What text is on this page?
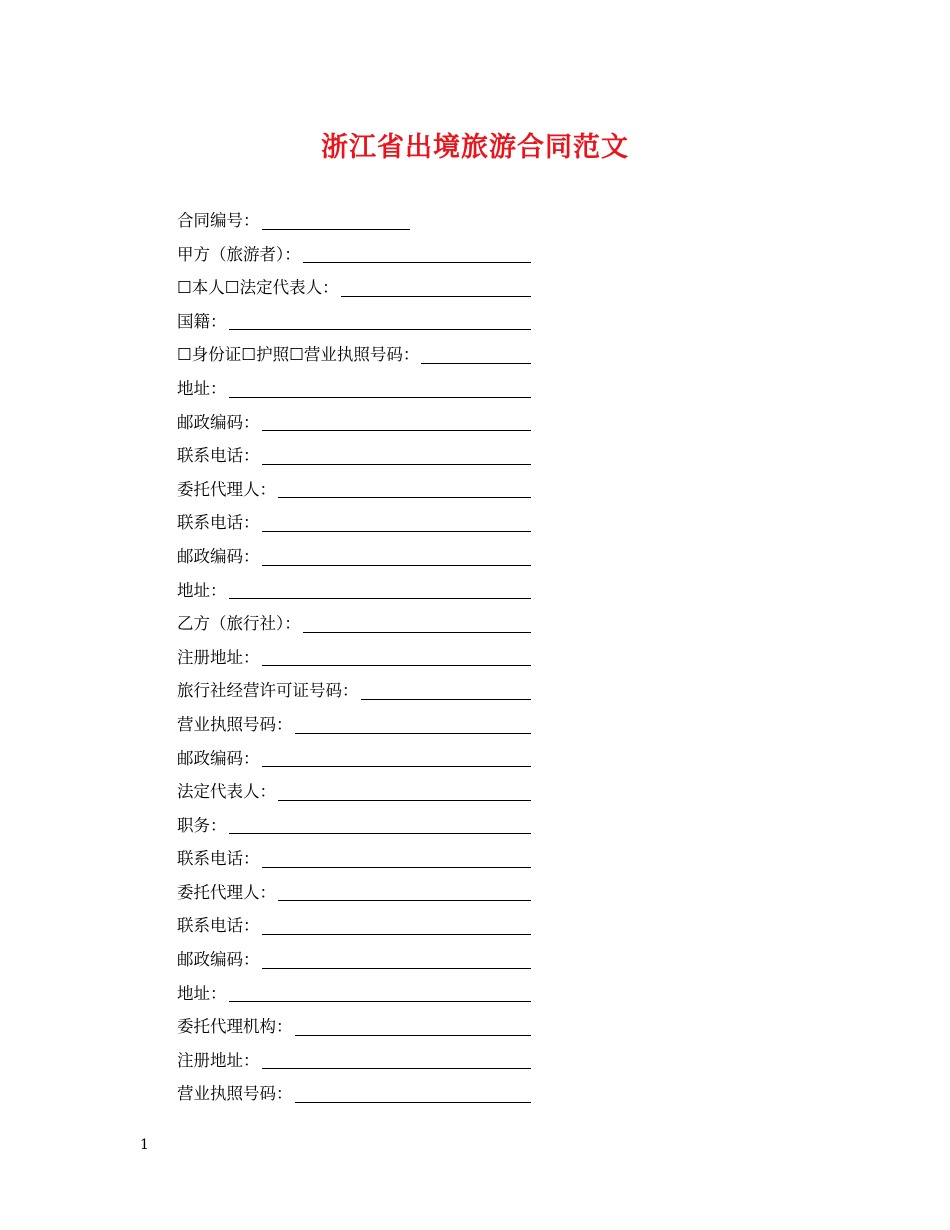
浙江省出境旅游合同范文
合同编号：
甲方（旅游者）：
☐本人☐法定代表人：
国籍：
☐身份证☐护照☐营业执照号码：
地址：
邮政编码：
联系电话：
委托代理人：
联系电话：
邮政编码：
地址：
乙方（旅行社）：
注册地址：
旅行社经营许可证号码：
营业执照号码：
邮政编码：
法定代表人：
职务：
联系电话：
委托代理人：
联系电话：
邮政编码：
地址：
委托代理机构：
注册地址：
营业执照号码：
1
